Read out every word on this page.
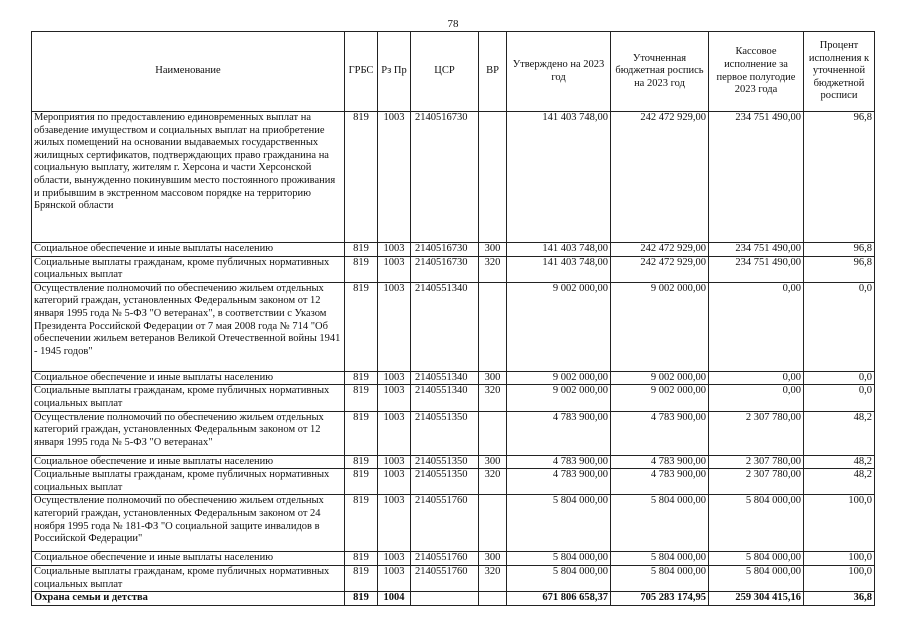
78
Наименование	ГРБС	Рз Пр	ЦСР	ВР	Утверждено на 2023 год	Уточненная бюджетная роспись на 2023 год	Кассовое исполнение за первое полугодие 2023 года	Процент исполнения к уточненной бюджетной росписи
Мероприятия по предоставлению единовременных выплат на обзаведение имуществом и социальных выплат на приобретение жилых помещений на основании выдаваемых государственных жилищных сертификатов, подтверждающих право гражданина на социальную выплату, жителям г. Херсона и части Херсонской области, вынужденно покинувшим место постоянного проживания и прибывшим в экстренном массовом порядке на территорию Брянской области	819	1003	2140516730		141 403 748,00	242 472 929,00	234 751 490,00	96,8
Социальное обеспечение и иные выплаты населению	819	1003	2140516730	300	141 403 748,00	242 472 929,00	234 751 490,00	96,8
Социальные выплаты гражданам, кроме публичных нормативных социальных выплат	819	1003	2140516730	320	141 403 748,00	242 472 929,00	234 751 490,00	96,8
Осуществление полномочий по обеспечению жильем отдельных категорий граждан, установленных Федеральным законом от 12 января 1995 года № 5-ФЗ "О ветеранах", в соответствии с Указом Президента Российской Федерации от 7 мая 2008 года № 714 "Об обеспечении жильем ветеранов Великой Отечественной войны 1941 - 1945 годов"	819	1003	2140551340		9 002 000,00	9 002 000,00	0,00	0,0
Социальное обеспечение и иные выплаты населению	819	1003	2140551340	300	9 002 000,00	9 002 000,00	0,00	0,0
Социальные выплаты гражданам, кроме публичных нормативных социальных выплат	819	1003	2140551340	320	9 002 000,00	9 002 000,00	0,00	0,0
Осуществление полномочий по обеспечению жильем отдельных категорий граждан, установленных Федеральным законом от 12 января 1995 года № 5-ФЗ "О ветеранах"	819	1003	2140551350		4 783 900,00	4 783 900,00	2 307 780,00	48,2
Социальное обеспечение и иные выплаты населению	819	1003	2140551350	300	4 783 900,00	4 783 900,00	2 307 780,00	48,2
Социальные выплаты гражданам, кроме публичных нормативных социальных выплат	819	1003	2140551350	320	4 783 900,00	4 783 900,00	2 307 780,00	48,2
Осуществление полномочий по обеспечению жильем отдельных категорий граждан, установленных Федеральным законом от 24 ноября 1995 года № 181-ФЗ "О социальной защите инвалидов в Российской Федерации"	819	1003	2140551760		5 804 000,00	5 804 000,00	5 804 000,00	100,0
Социальное обеспечение и иные выплаты населению	819	1003	2140551760	300	5 804 000,00	5 804 000,00	5 804 000,00	100,0
Социальные выплаты гражданам, кроме публичных нормативных социальных выплат	819	1003	2140551760	320	5 804 000,00	5 804 000,00	5 804 000,00	100,0
Охрана семьи и детства	819	1004			671 806 658,37	705 283 174,95	259 304 415,16	36,8
